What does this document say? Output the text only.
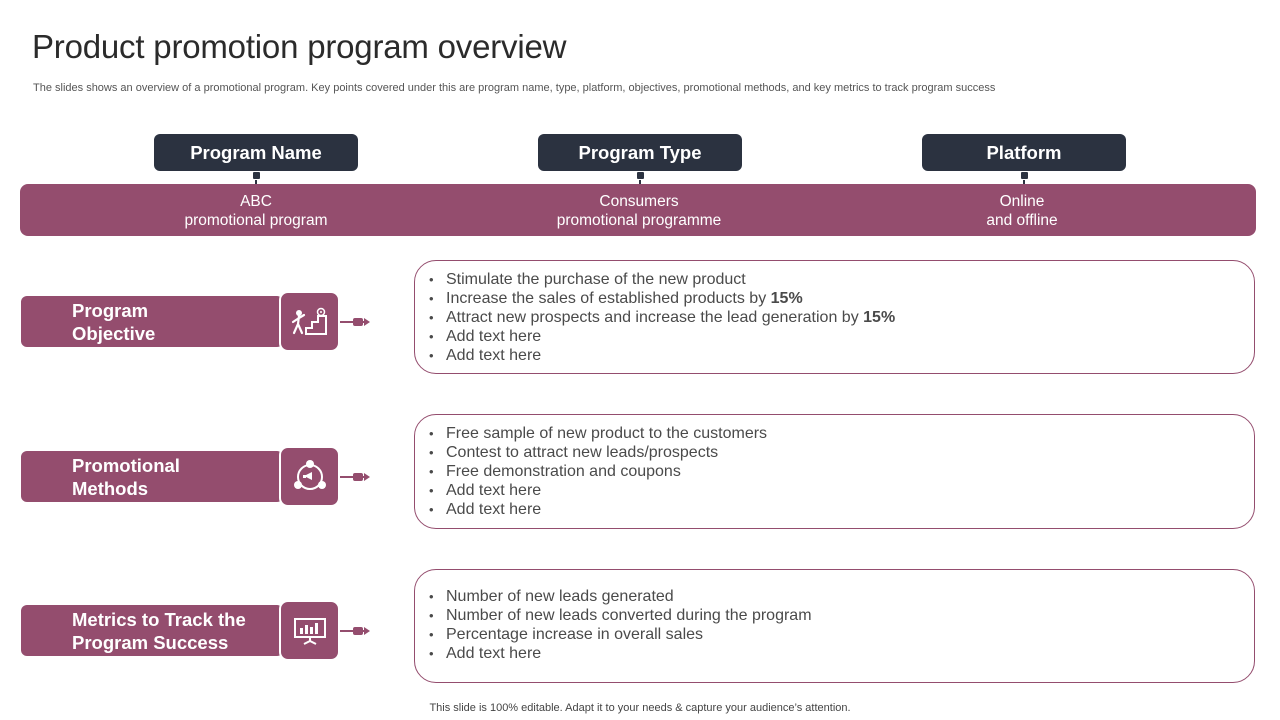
Product promotion program overview

The slides shows an overview of a promotional program. Key points covered under this are program name, type, platform, objectives, promotional methods, and key metrics to track program success

Program Name	Program Type	Platform
ABC
promotional program
Consumers
promotional programme
Online
and offline
Program
Objective
• Stimulate the purchase of the new product
• Increase the sales of established products by 15%
• Attract new prospects and increase the lead generation by 15%
• Add text here
• Add text here
Promotional
Methods
• Free sample of new product to the customers
• Contest to attract new leads/prospects
• Free demonstration and coupons
• Add text here
• Add text here
Metrics to Track the
Program Success
• Number of new leads generated
• Number of new leads converted during the program
• Percentage increase in overall sales
• Add text here
This slide is 100% editable. Adapt it to your needs & capture your audience’s attention.
